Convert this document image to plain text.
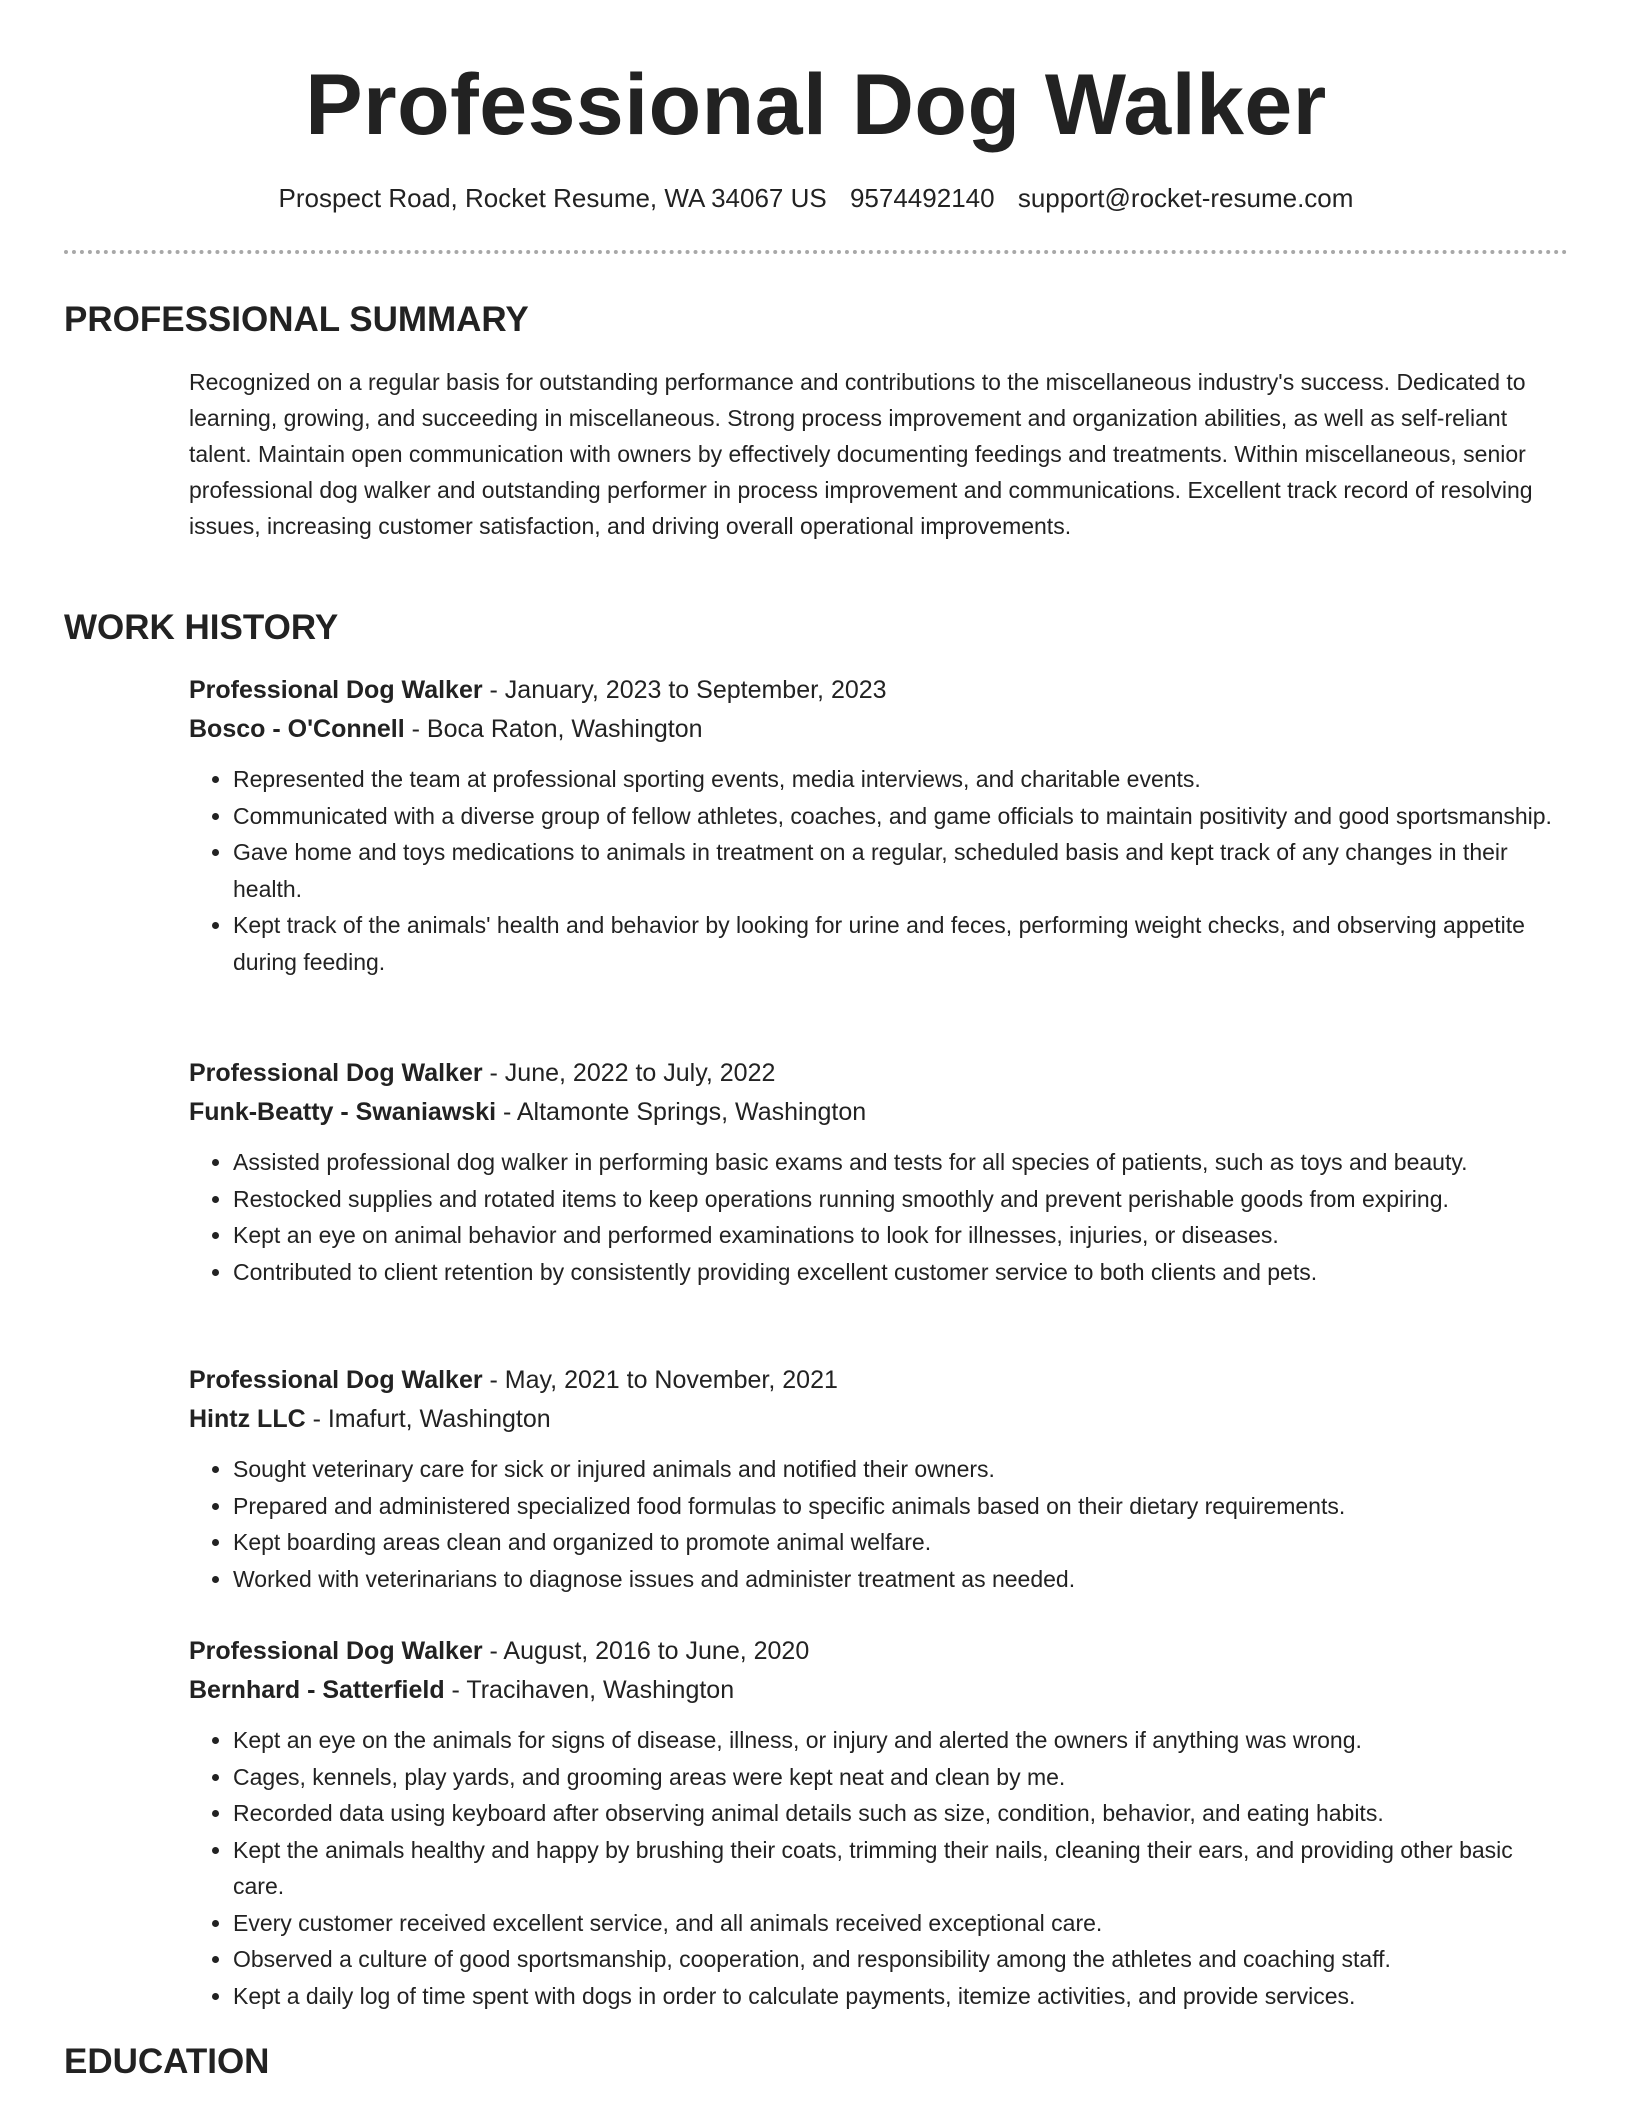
Professional Dog Walker
Prospect Road, Rocket Resume, WA 34067 US 9574492140 support@rocket-resume.com
PROFESSIONAL SUMMARY

Recognized on a regular basis for outstanding performance and contributions to the miscellaneous industry's success. Dedicated to learning, growing, and succeeding in miscellaneous. Strong process improvement and organization abilities, as well as self-reliant talent. Maintain open communication with owners by effectively documenting feedings and treatments. Within miscellaneous, senior professional dog walker and outstanding performer in process improvement and communications. Excellent track record of resolving issues, increasing customer satisfaction, and driving overall operational improvements.

WORK HISTORY

Professional Dog Walker - January, 2023 to September, 2023

Bosco - O'Connell - Boca Raton, Washington

• Represented the team at professional sporting events, media interviews, and charitable events.
• Communicated with a diverse group of fellow athletes, coaches, and game officials to maintain positivity and good sportsmanship.
• Gave home and toys medications to animals in treatment on a regular, scheduled basis and kept track of any changes in their health.
• Kept track of the animals' health and behavior by looking for urine and feces, performing weight checks, and observing appetite during feeding.

Professional Dog Walker - June, 2022 to July, 2022

Funk-Beatty - Swaniawski - Altamonte Springs, Washington

• Assisted professional dog walker in performing basic exams and tests for all species of patients, such as toys and beauty.
• Restocked supplies and rotated items to keep operations running smoothly and prevent perishable goods from expiring.
• Kept an eye on animal behavior and performed examinations to look for illnesses, injuries, or diseases.
• Contributed to client retention by consistently providing excellent customer service to both clients and pets.

Professional Dog Walker - May, 2021 to November, 2021

Hintz LLC - Imafurt, Washington

• Sought veterinary care for sick or injured animals and notified their owners.
• Prepared and administered specialized food formulas to specific animals based on their dietary requirements.
• Kept boarding areas clean and organized to promote animal welfare.
• Worked with veterinarians to diagnose issues and administer treatment as needed.

Professional Dog Walker - August, 2016 to June, 2020

Bernhard - Satterfield - Tracihaven, Washington

• Kept an eye on the animals for signs of disease, illness, or injury and alerted the owners if anything was wrong.
• Cages, kennels, play yards, and grooming areas were kept neat and clean by me.
• Recorded data using keyboard after observing animal details such as size, condition, behavior, and eating habits.
• Kept the animals healthy and happy by brushing their coats, trimming their nails, cleaning their ears, and providing other basic care.
• Every customer received excellent service, and all animals received exceptional care.
• Observed a culture of good sportsmanship, cooperation, and responsibility among the athletes and coaching staff.
• Kept a daily log of time spent with dogs in order to calculate payments, itemize activities, and provide services.
EDUCATION
